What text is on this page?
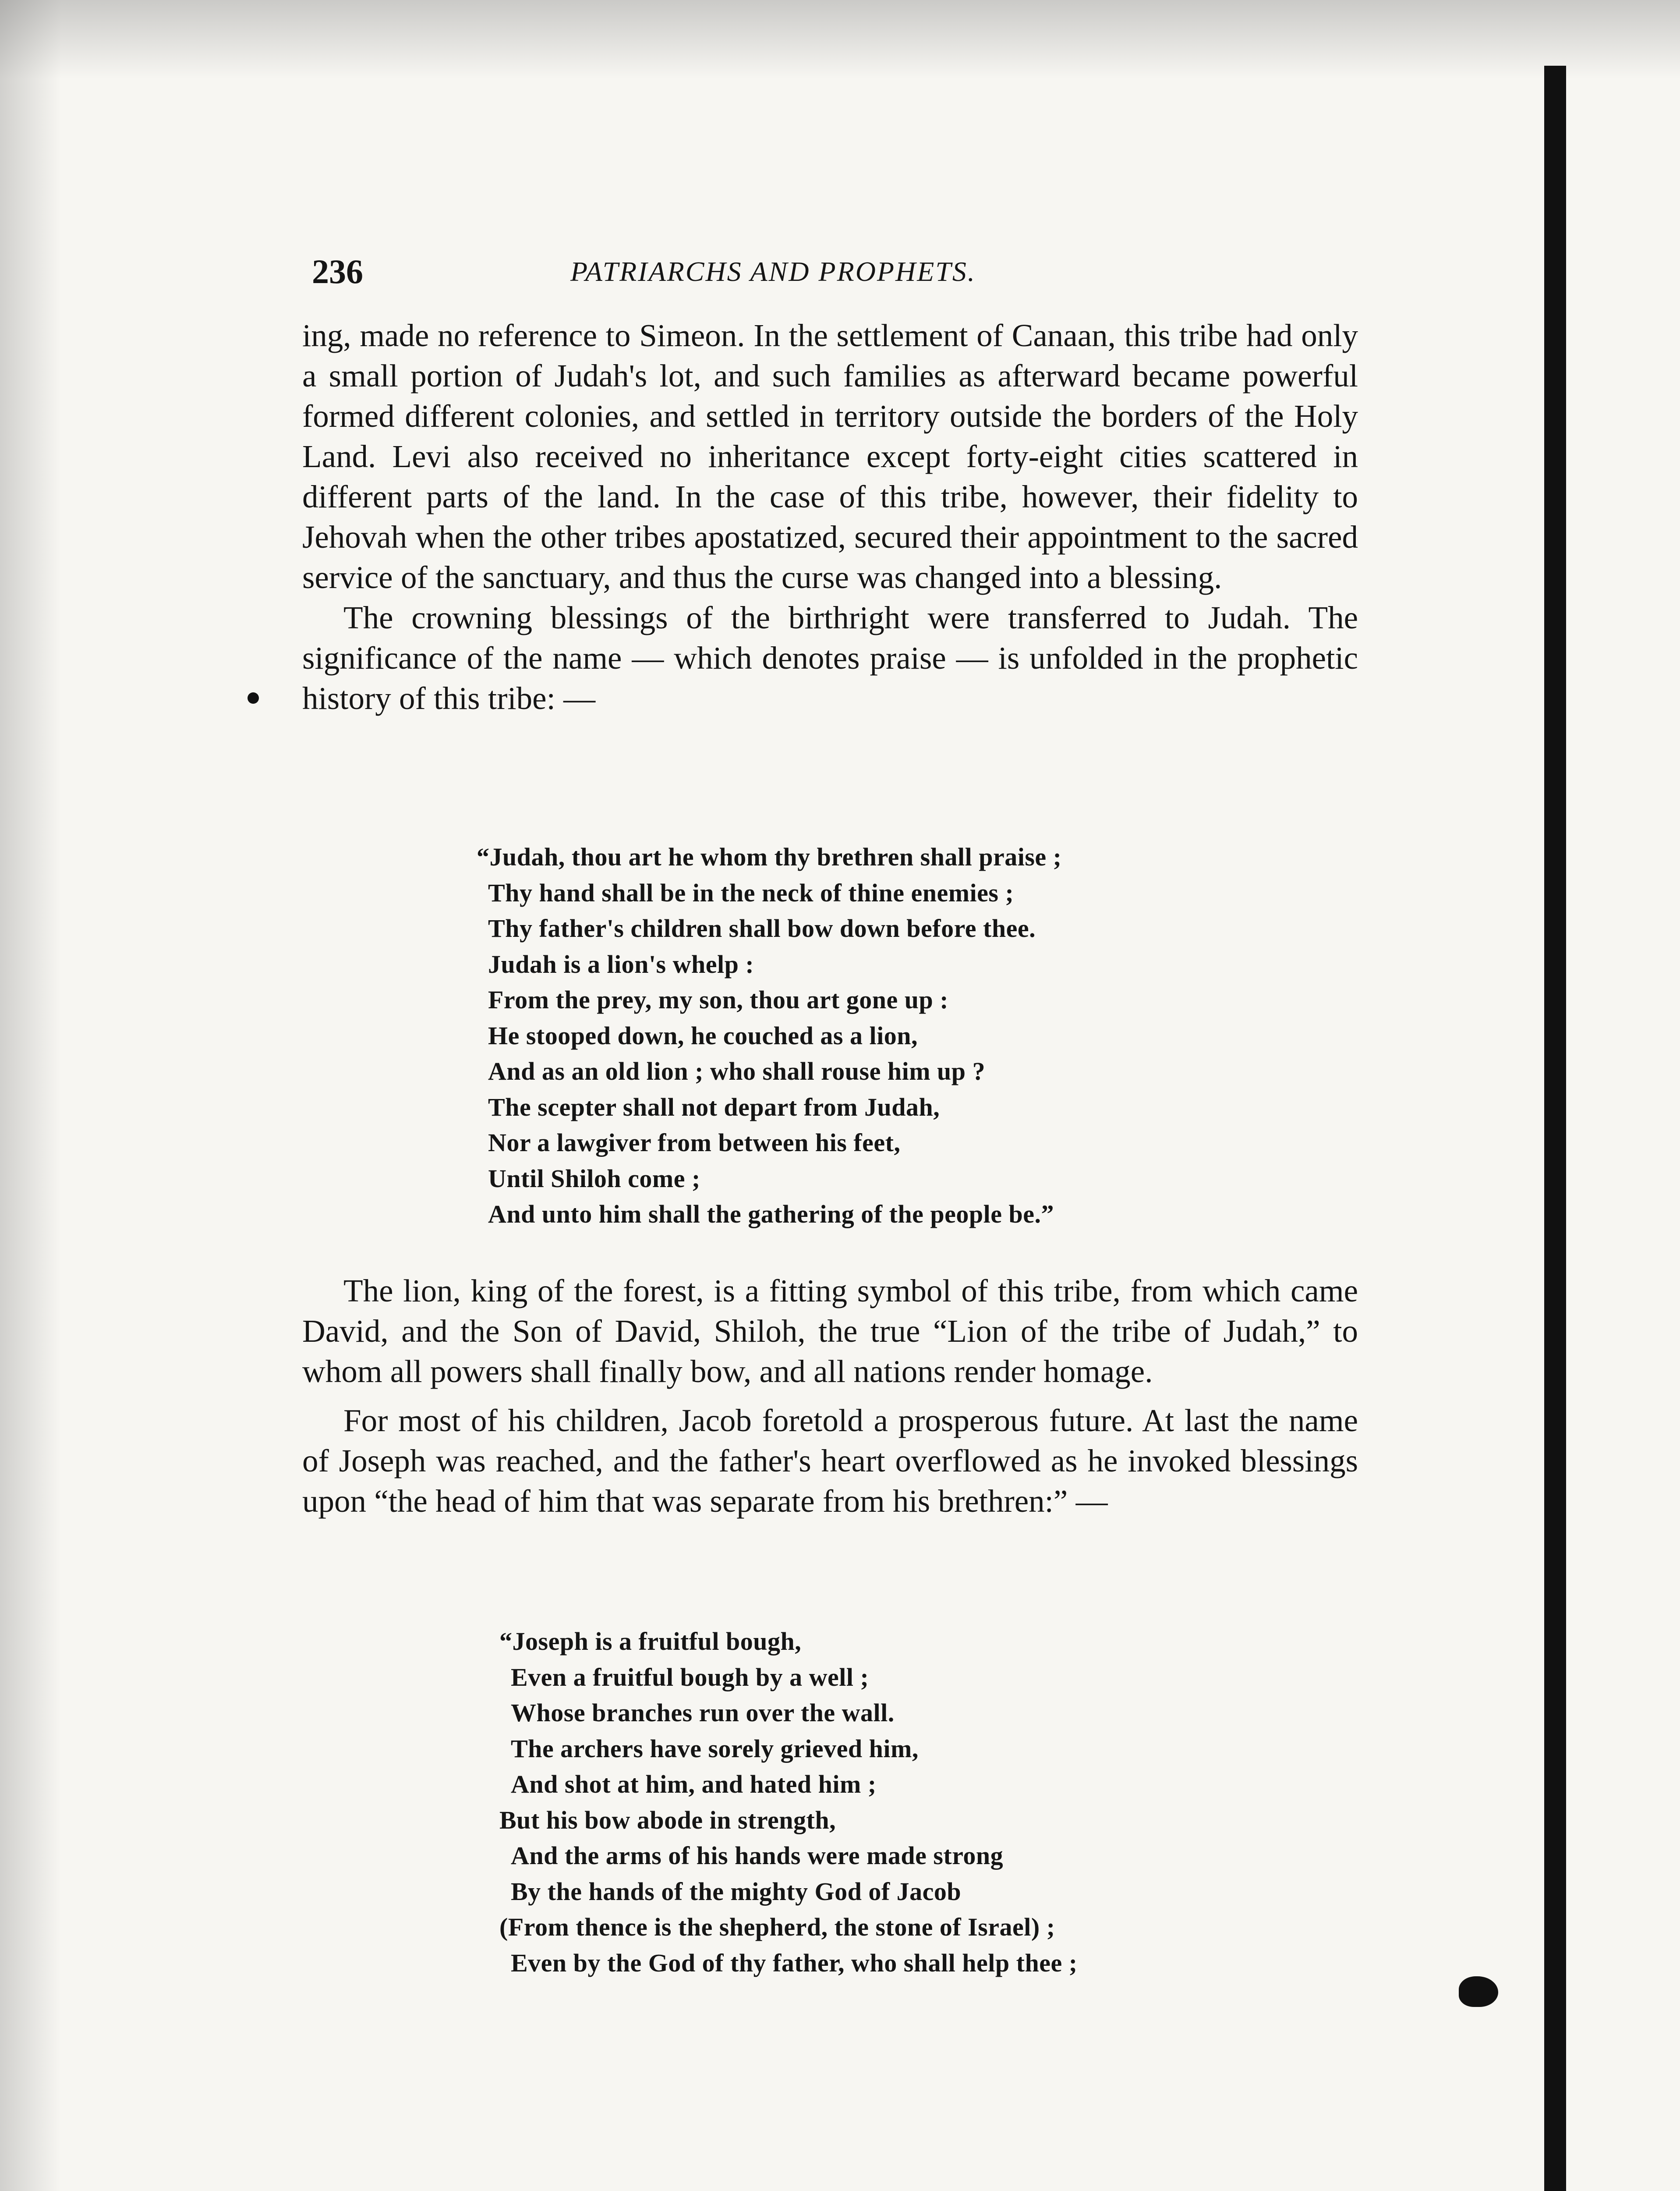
236	PATRIARCHS AND PROPHETS.

ing, made no reference to Simeon. In the settlement of Canaan, this tribe had only a small portion of Judah's lot, and such families as afterward became powerful formed different colonies, and settled in territory outside the borders of the Holy Land. Levi also received no inheritance except forty-eight cities scattered in different parts of the land. In the case of this tribe, however, their fidelity to Jehovah when the other tribes apostatized, secured their appointment to the sacred service of the sanctuary, and thus the curse was changed into a blessing.

The crowning blessings of the birthright were transferred to Judah. The significance of the name — which denotes praise — is unfolded in the prophetic history of this tribe: —

“Judah, thou art he whom thy brethren shall praise ;
Thy hand shall be in the neck of thine enemies ;
Thy father's children shall bow down before thee.
Judah is a lion's whelp :
From the prey, my son, thou art gone up :
He stooped down, he couched as a lion,
And as an old lion ; who shall rouse him up ?
The scepter shall not depart from Judah,
Nor a lawgiver from between his feet,
Until Shiloh come ;
And unto him shall the gathering of the people be.”

The lion, king of the forest, is a fitting symbol of this tribe, from which came David, and the Son of David, Shiloh, the true “Lion of the tribe of Judah,” to whom all powers shall finally bow, and all nations render homage.

For most of his children, Jacob foretold a prosperous future. At last the name of Joseph was reached, and the father's heart overflowed as he invoked blessings upon “the head of him that was separate from his brethren:” —

“Joseph is a fruitful bough,
Even a fruitful bough by a well ;
Whose branches run over the wall.
The archers have sorely grieved him,
And shot at him, and hated him ;
But his bow abode in strength,
And the arms of his hands were made strong
By the hands of the mighty God of Jacob
(From thence is the shepherd, the stone of Israel) ;
Even by the God of thy father, who shall help thee ;
